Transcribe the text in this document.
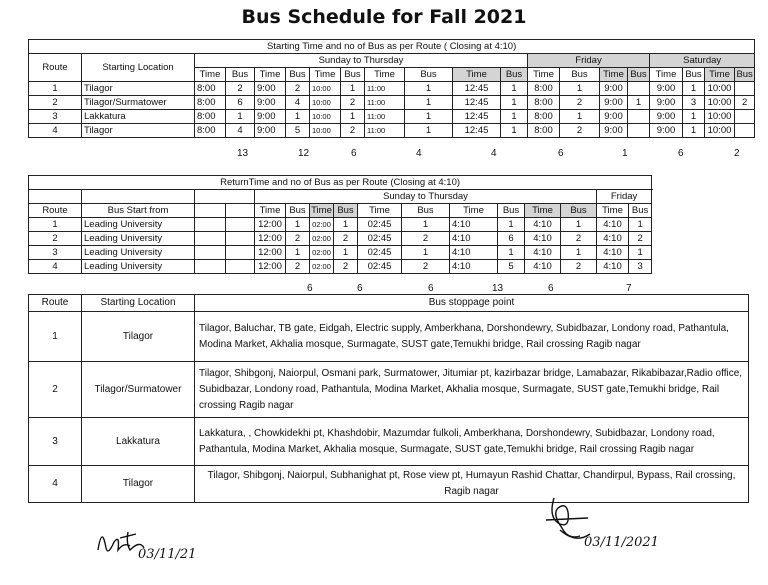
Bus Schedule for Fall 2021
Starting Time and no of Bus as per Route ( Closing at 4:10)																			
Route	Starting Location	Sunday to Thursday										Friday				Saturday			
		Time	Bus	Time	Bus	Time	Bus	Time	Bus	Time	Bus	Time	Bus	Time	Bus	Time	Bus	Time	Bus
1	Tilagor	8:00	2	9:00	2	10:00	1	11:00	1	12:45	1	8:00	1	9:00		9:00	1	10:00	
2	Tilagor/Surmatower	8:00	6	9:00	4	10:00	2	11:00	1	12:45	1	8:00	2	9:00	1	9:00	3	10:00	2
3	Lakkatura	8:00	1	9:00	1	10:00	1	11:00	1	12:45	1	8:00	1	9:00		9:00	1	10:00	
4	Tilagor	8:00	4	9:00	5	10:00	2	11:00	1	12:45	1	8:00	2	9:00		9:00	1	10:00	
13	12	6	4	4	6	1	6	2
ReturnTime and no of Bus as per Route (Closing at 4:10)																
				Sunday to Thursday										Friday	
Route	Bus Start from			Time	Bus	Time	Bus	Time	Bus	Time	Bus	Time	Bus	Time	Bus		
1	Leading University			12:00	1	02:00	1	02:45	1	4:10	1	4:10	1	4:10	1	
2	Leading University			12:00	2	02:00	2	02:45	2	4:10	6	4:10	2	4:10	2	
3	Leading University			12:00	1	02:00	1	02:45	1	4:10	1	4:10	1	4:10	1	
4	Leading University			12:00	2	02:00	2	02:45	2	4:10	5	4:10	2	4:10	3	
Route	Starting Location	Bus stoppage point
1	Tilagor	Tilagor, Baluchar, TB gate, Eidgah, Electric supply, Amberkhana, Dorshondewry, Subidbazar, Londony road, Pathantula, Modina Market, Akhalia mosque, Surmagate, SUST gate,Temukhi bridge, Rail crossing Ragib nagar
2	Tilagor/Surmatower	Tilagor, Shibgonj, Naiorpul, Osmani park, Surmatower, Jitumiar pt, kazirbazar bridge, Lamabazar, Rikabibazar,Radio office, Subidbazar, Londony road, Pathantula, Modina Market, Akhalia mosque, Surmagate, SUST gate,Temukhi bridge, Rail crossing Ragib nagar
3	Lakkatura	Lakkatura, , Chowkidekhi pt, Khashdobir, Mazumdar fulkoli, Amberkhana, Dorshondewry, Subidbazar, Londony road, Pathantula, Modina Market, Akhalia mosque, Surmagate, SUST gate,Temukhi bridge, Rail crossing Ragib nagar
4	Tilagor	Tilagor, Shibgonj, Naiorpul, Subhanighat pt, Rose view pt, Humayun Rashid Chattar, Chandirpul, Bypass, Rail crossing, Ragib nagar
03/11/21
03/11/2021
6	6	6	13	6	7
